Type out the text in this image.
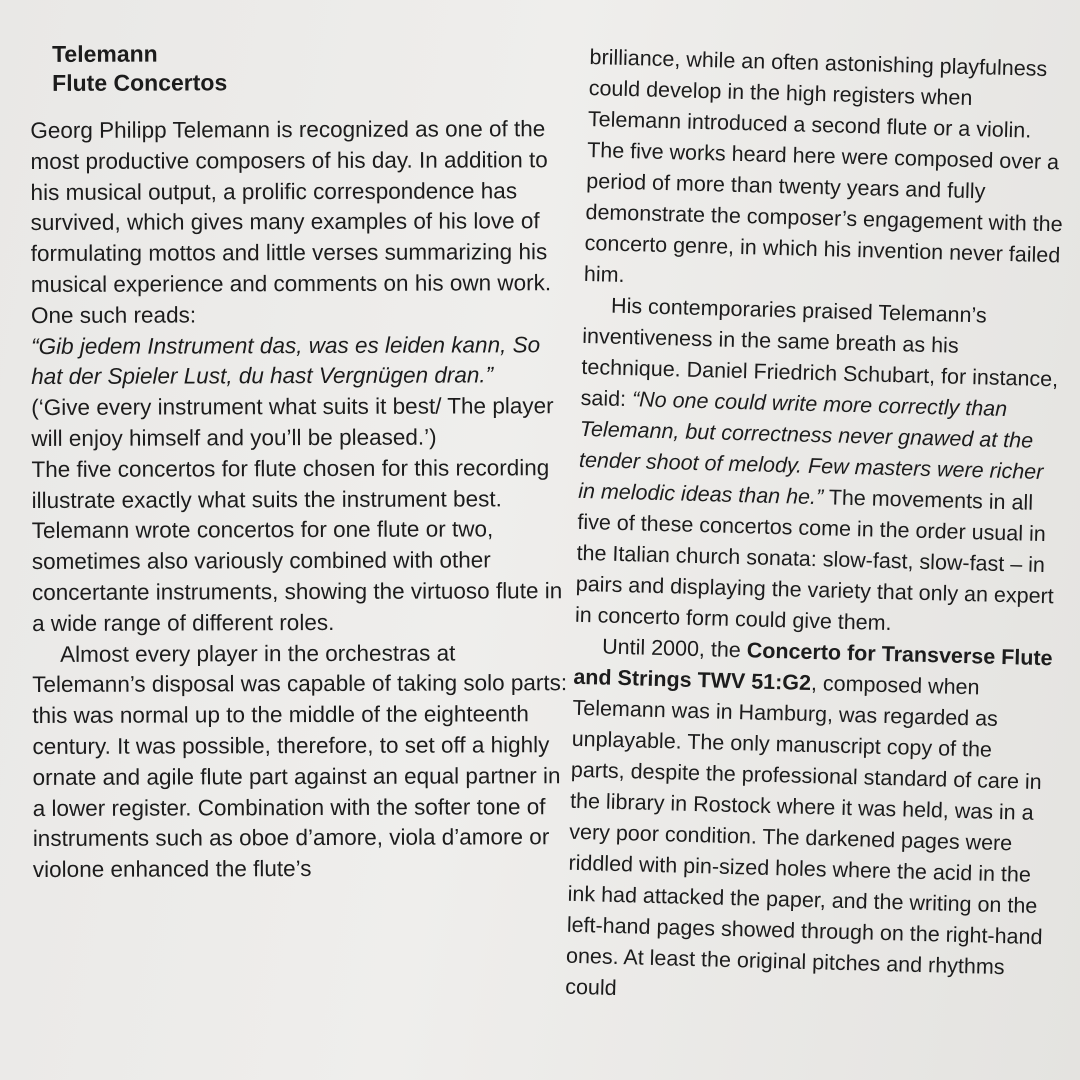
Telemann
Flute Concertos

Georg Philipp Telemann is recognized as one of the most productive composers of his day. In addition to his musical output, a prolific correspondence has survived, which gives many examples of his love of formulating mottos and little verses summarizing his musical experience and comments on his own work. One such reads:

“Gib jedem Instrument das, was es leiden kann, So hat der Spieler Lust, du hast Vergnügen dran.”

(‘Give every instrument what suits it best/ The player will enjoy himself and you’ll be pleased.’)

The five concertos for flute chosen for this recording illustrate exactly what suits the instrument best. Telemann wrote concertos for one flute or two, sometimes also variously combined with other concertante instruments, showing the virtuoso flute in a wide range of different roles.

Almost every player in the orchestras at Telemann’s disposal was capable of taking solo parts: this was normal up to the middle of the eighteenth century. It was possible, therefore, to set off a highly ornate and agile flute part against an equal partner in a lower register. Combination with the softer tone of instruments such as oboe d’amore, viola d’amore or violone enhanced the flute’s

brilliance, while an often astonishing playfulness could develop in the high registers when Telemann introduced a second flute or a violin. The five works heard here were composed over a period of more than twenty years and fully demonstrate the composer’s engagement with the concerto genre, in which his invention never failed him.

His contemporaries praised Telemann’s inventiveness in the same breath as his technique. Daniel Friedrich Schubart, for instance, said: “No one could write more correctly than Telemann, but correctness never gnawed at the tender shoot of melody. Few masters were richer in melodic ideas than he.” The movements in all five of these concertos come in the order usual in the Italian church sonata: slow-fast, slow-fast – in pairs and displaying the variety that only an expert in concerto form could give them.

Until 2000, the Concerto for Transverse Flute and Strings TWV 51:G2, composed when Telemann was in Hamburg, was regarded as unplayable. The only manuscript copy of the parts, despite the professional standard of care in the library in Rostock where it was held, was in a very poor condition. The darkened pages were riddled with pin-sized holes where the acid in the ink had attacked the paper, and the writing on the left-hand pages showed through on the right-hand ones. At least the original pitches and rhythms could
